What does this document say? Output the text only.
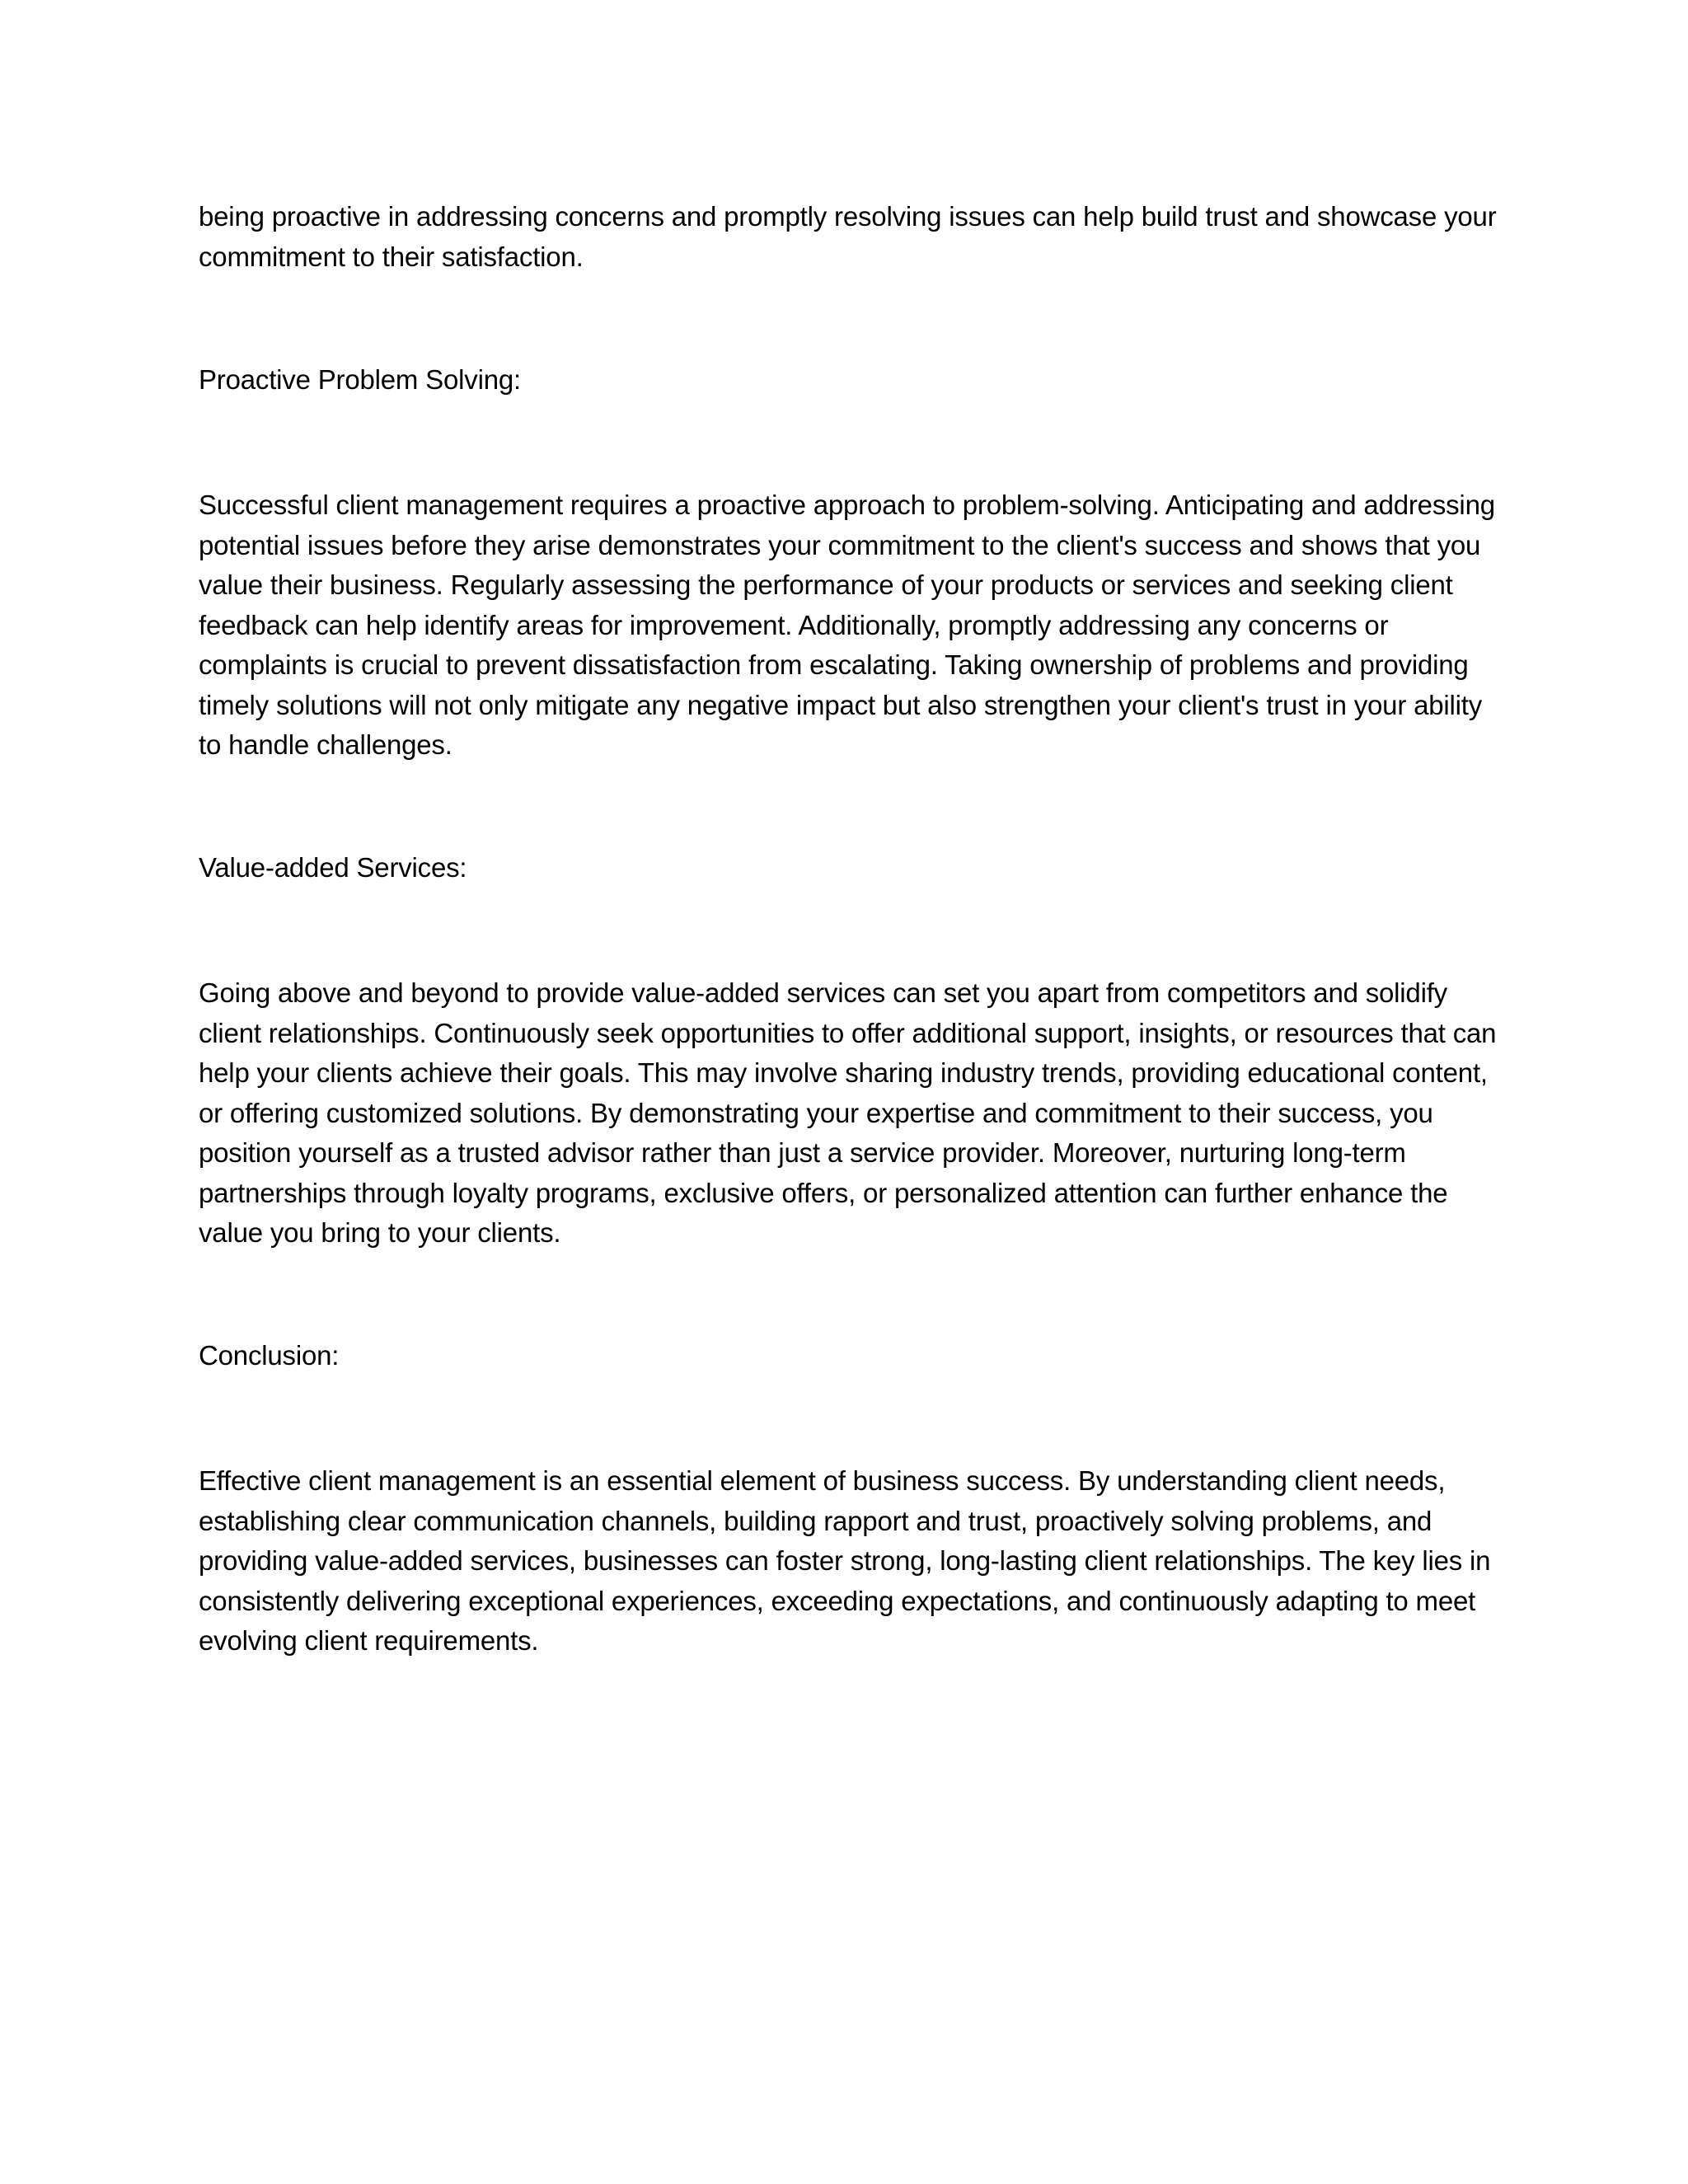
being proactive in addressing concerns and promptly resolving issues can help build trust and showcase your commitment to their satisfaction.

Proactive Problem Solving:

Successful client management requires a proactive approach to problem-solving. Anticipating and addressing potential issues before they arise demonstrates your commitment to the client's success and shows that you value their business. Regularly assessing the performance of your products or services and seeking client feedback can help identify areas for improvement. Additionally, promptly addressing any concerns or complaints is crucial to prevent dissatisfaction from escalating. Taking ownership of problems and providing timely solutions will not only mitigate any negative impact but also strengthen your client's trust in your ability to handle challenges.

Value-added Services:

Going above and beyond to provide value-added services can set you apart from competitors and solidify client relationships. Continuously seek opportunities to offer additional support, insights, or resources that can help your clients achieve their goals. This may involve sharing industry trends, providing educational content, or offering customized solutions. By demonstrating your expertise and commitment to their success, you position yourself as a trusted advisor rather than just a service provider. Moreover, nurturing long-term partnerships through loyalty programs, exclusive offers, or personalized attention can further enhance the value you bring to your clients.

Conclusion:

Effective client management is an essential element of business success. By understanding client needs, establishing clear communication channels, building rapport and trust, proactively solving problems, and providing value-added services, businesses can foster strong, long-lasting client relationships. The key lies in consistently delivering exceptional experiences, exceeding expectations, and continuously adapting to meet evolving client requirements.
